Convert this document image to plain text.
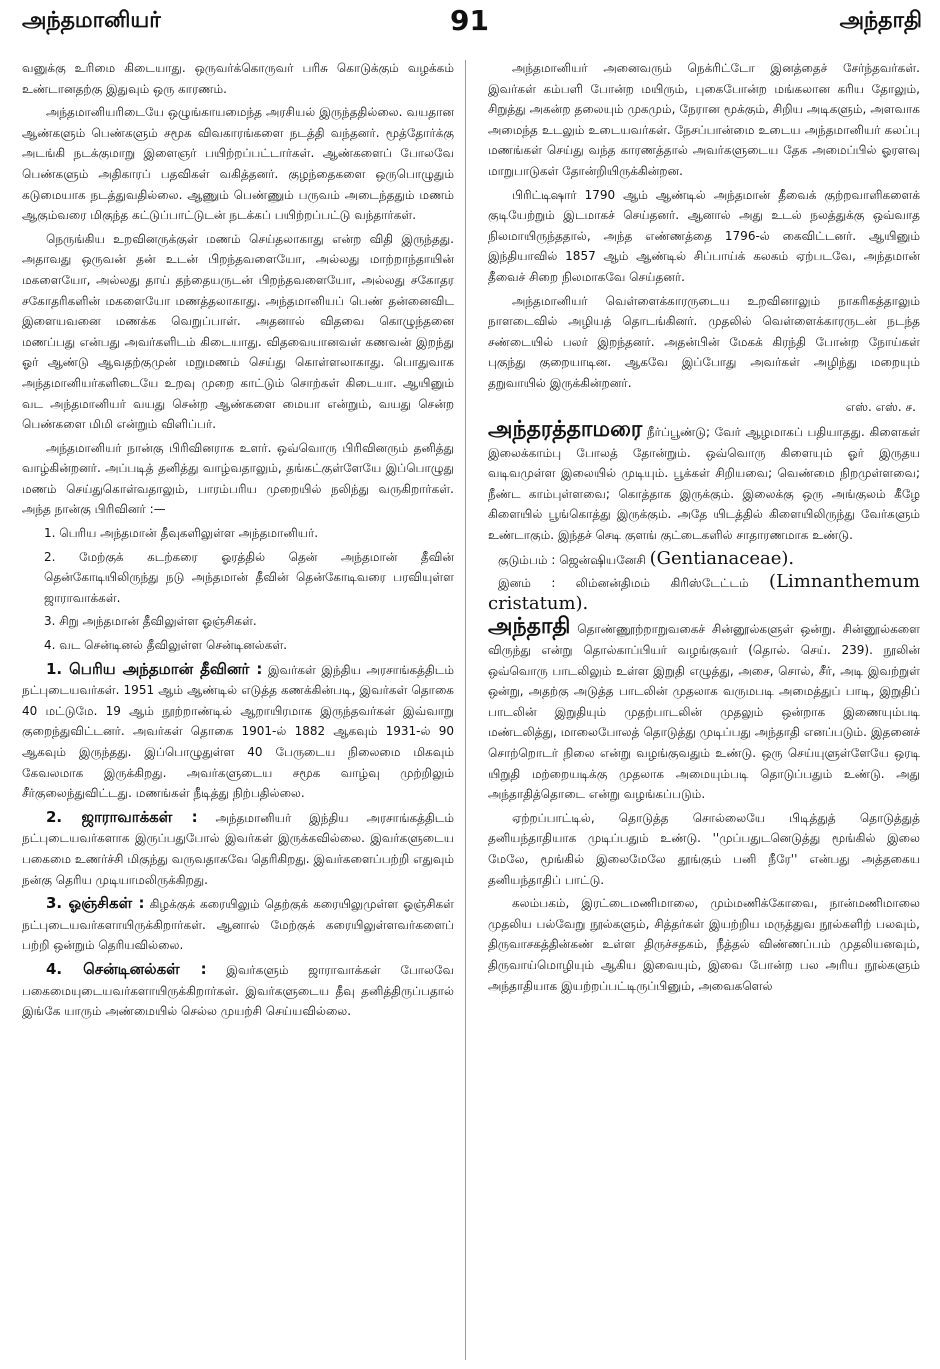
அந்தமானியர்	91	அந்தாதி

வனுக்கு உரிமை கிடையாது. ஒருவர்க்கொருவர் பரிசு கொடுக்கும் வழக்கம் உண்டானதற்கு இதுவும் ஒரு காரணம்.

அந்தமானியரிடையே ஒழுங்காயமைந்த அரசியல் இருந்ததில்லை. வயதான ஆண்களும் பெண்களும் சமூக விவகாரங்களை நடத்தி வந்தனர். மூத்தோர்க்கு அடங்கி நடக்குமாறு இளைஞர் பயிற்றப்பட்டார்கள். ஆண்களைப் போலவே பெண்களும் அதிகாரப் பதவிகள் வகித்தனர். குழந்தைகளை ஒருபொழுதும் கடுமையாக நடத்துவதில்லை. ஆணும் பெண்ணும் பருவம் அடைந்ததும் மணம் ஆகும்வரை மிகுந்த கட்டுப்பாட்டுடன் நடக்கப் பயிற்றப்பட்டு வந்தார்கள்.

நெருங்கிய உறவினருக்குள் மணம் செய்தலாகாது என்ற விதி இருந்தது. அதாவது ஒருவன் தன் உடன் பிறந்தவளையோ, அல்லது மாற்றாந்தாயின் மகளையோ, அல்லது தாய் தந்தையருடன் பிறந்தவளையோ, அல்லது சகோதர சகோதரிகளின் மகளையோ மணத்தலாகாது. அந்தமானியப் பெண் தன்னைவிட இளையவனை மணக்க வெறுப்பாள். அதனால் விதவை கொழுந்தனை மணப்பது என்பது அவர்களிடம் கிடையாது. விதவையானவள் கணவன் இறந்து ஓர் ஆண்டு ஆவதற்குமுன் மறுமணம் செய்து கொள்ளலாகாது. பொதுவாக அந்தமானியர்களிடையே உறவு முறை காட்டும் சொற்கள் கிடையா. ஆயினும் வட அந்தமானியர் வயது சென்ற ஆண்களை மையா என்றும், வயது சென்ற பெண்களை மிமி என்றும் விளிப்பர்.

அந்தமானியர் நான்கு பிரிவினராக உளர். ஒவ்வொரு பிரிவினரும் தனித்து வாழ்கின்றனர். அப்படித் தனித்து வாழ்வதாலும், தங்கட்குள்ளேயே இப்பொழுது மணம் செய்துகொள்வதாலும், பாரம்பரிய முறையில் நலிந்து வருகிறார்கள். அந்த நான்கு பிரிவினர் :—

1. பெரிய அந்தமான் தீவுகளிலுள்ள அந்தமானியர்.

2. மேற்குக் கடற்கரை ஓரத்தில் தென் அந்தமான் தீவின் தென்கோடியிலிருந்து நடு அந்தமான் தீவின் தென்கோடிவரை பரவியுள்ள ஜாராவாக்கள்.

3. சிறு அந்தமான் தீவிலுள்ள ஓஞ்சிகள்.

4. வட சென்டினல் தீவிலுள்ள சென்டினல்கள்.

1. பெரிய அந்தமான் தீவினர் : இவர்கள் இந்திய அரசாங்கத்திடம் நட்புடையவர்கள். 1951 ஆம் ஆண்டில் எடுத்த கணக்கின்படி, இவர்கள் தொகை 40 மட்டுமே. 19 ஆம் நூற்றாண்டில் ஆறாயிரமாக இருந்தவர்கள் இவ்வாறு குறைந்துவிட்டனர். அவர்கள் தொகை 1901-ல் 1882 ஆகவும் 1931-ல் 90 ஆகவும் இருந்தது. இப்பொழுதுள்ள 40 பேருடைய நிலைமை மிகவும் கேவலமாக இருக்கிறது. அவர்களுடைய சமூக வாழ்வு முற்றிலும் சீர்குலைந்துவிட்டது. மணங்கள் நீடித்து நிற்பதில்லை.

2. ஜாராவாக்கள் : அந்தமானியர் இந்திய அரசாங்கத்திடம் நட்புடையவர்களாக இருப்பதுபோல் இவர்கள் இருக்கவில்லை. இவர்களுடைய பகைமை உணர்ச்சி மிகுந்து வருவதாகவே தெரிகிறது. இவர்களைப்பற்றி எதுவும் நன்கு தெரிய முடியாமலிருக்கிறது.

3. ஓஞ்சிகள் : கிழக்குக் கரையிலும் தெற்குக் கரையிலுமுள்ள ஓஞ்சிகள் நட்புடையவர்களாயிருக்கிறார்கள். ஆனால் மேற்குக் கரையிலுள்ளவர்களைப் பற்றி ஒன்றும் தெரியவில்லை.

4. சென்டினல்கள் : இவர்களும் ஜாராவாக்கள் போலவே பகைமையுடையவர்களாயிருக்கிறார்கள். இவர்களுடைய தீவு தனித்திருப்பதால் இங்கே யாரும் அண்மையில் செல்ல முயற்சி செய்யவில்லை.

அந்தமானியர் அனைவரும் நெக்ரிட்டோ இனத்தைச் சேர்ந்தவர்கள். இவர்கள் கம்பளி போன்ற மயிரும், புகைபோன்ற மங்கலான கரிய தோலும், சிறுத்து அகன்ற தலையும் முகமும், நேரான மூக்கும், சிறிய அடிகளும், அளவாக அமைந்த உடலும் உடையவர்கள். நேசப்பான்மை உடைய அந்தமானியர் கலப்பு மணங்கள் செய்து வந்த காரணத்தால் அவர்களுடைய தேக அமைப்பில் ஓரளவு மாறுபாடுகள் தோன்றியிருக்கின்றன.

பிரிட்டிஷார் 1790 ஆம் ஆண்டில் அந்தமான் தீவைக் குற்றவாளிகளைக் குடியேற்றும் இடமாகச் செய்தனர். ஆனால் அது உடல் நலத்துக்கு ஒவ்வாத நிலமாயிருந்ததால், அந்த எண்ணத்தை 1796-ல் கைவிட்டனர். ஆயினும் இந்தியாவில் 1857 ஆம் ஆண்டில் சிப்பாய்க் கலகம் ஏற்படவே, அந்தமான் தீவைச் சிறை நிலமாகவே செய்தனர்.

அந்தமானியர் வெள்ளைக்காரருடைய உறவினாலும் நாகரிகத்தாலும் நாளடைவில் அழியத் தொடங்கினர். முதலில் வெள்ளைக்காரருடன் நடந்த சண்டையில் பலர் இறந்தனர். அதன்பின் மேகக் கிரந்தி போன்ற நோய்கள் புகுந்து குறையாடின. ஆகவே இப்போது அவர்கள் அழிந்து மறையும் தறுவாயில் இருக்கின்றனர்.

எஸ். எஸ். ச.

அந்தரத்தாமரை நீர்ப்பூண்டு; வேர் ஆழமாகப் பதியாதது. கிளைகள் இலைக்காம்பு போலத் தோன்றும். ஒவ்வொரு கிளையும் ஓர் இருதய வடிவமுள்ள இலையில் முடியும். பூக்கள் சிறியவை; வெண்மை நிறமுள்ளவை; நீண்ட காம்புள்ளவை; கொத்தாக இருக்கும். இலைக்கு ஒரு அங்குலம் கீழே கிளையில் பூங்கொத்து இருக்கும். அதே யிடத்தில் கிளையிலிருந்து வேர்களும் உண்டாகும். இந்தச் செடி குளங் குட்டைகளில் சாதாரணமாக உண்டு.

குடும்பம் : ஜென்ஷியனேசி (Gentianaceae).

இனம் : லிம்னன்திமம் கிரிஸ்டேட்டம் (Limnanthemum cristatum).

அந்தாதி தொண்ணூற்றாறுவகைச் சின்னூல்களுள் ஒன்று. சின்னூல்களை விருந்து என்று தொல்காப்பியர் வழங்குவர் (தொல். செய். 239). நூலின் ஒவ்வொரு பாடலிலும் உள்ள இறுதி எழுத்து, அசை, சொல், சீர், அடி இவற்றுள் ஒன்று, அதற்கு அடுத்த பாடலின் முதலாக வருமபடி அமைத்துப் பாடி, இறுதிப் பாடலின் இறுதியும் முதற்பாடலின் முதலும் ஒன்றாக இணையும்படி மண்டலித்து, மாலைபோலத் தொடுத்து முடிப்பது அந்தாதி எனப்படும். இதனைச் சொற்றொடர் நிலை என்று வழங்குவதும் உண்டு. ஒரு செய்யுளுள்ளேயே ஒரடி யிறுதி மற்றையடிக்கு முதலாக அமையும்படி தொடுப்பதும் உண்டு. அது அந்தாதித்தொடை என்று வழங்கப்படும்.

ஏற்றப்பாட்டில், தொடுத்த சொல்லையே பிடித்துத் தொடுத்துத் தனியந்தாதியாக முடிப்பதும் உண்டு. ''முப்பதுடனெடுத்து மூங்கில் இலை மேலே, மூங்கில் இலைமேலே தூங்கும் பனி நீரே'' என்பது அத்தகைய தனியந்தாதிப் பாட்டு.

கலம்பகம், இரட்டைமணிமாலை, மும்மணிக்கோவை, நான்மணிமாலை முதலிய பல்வேறு நூல்களும், சித்தர்கள் இயற்றிய மருத்துவ நூல்களிற் பலவும், திருவாசகத்தின்கண் உள்ள திருச்சதகம், நீத்தல் விண்ணப்பம் முதலியனவும், திருவாய்மொழியும் ஆகிய இவையும், இவை போன்ற பல அரிய நூல்களும் அந்தாதியாக இயற்றப்பட்டிருப்பினும், அவைகளெல்
